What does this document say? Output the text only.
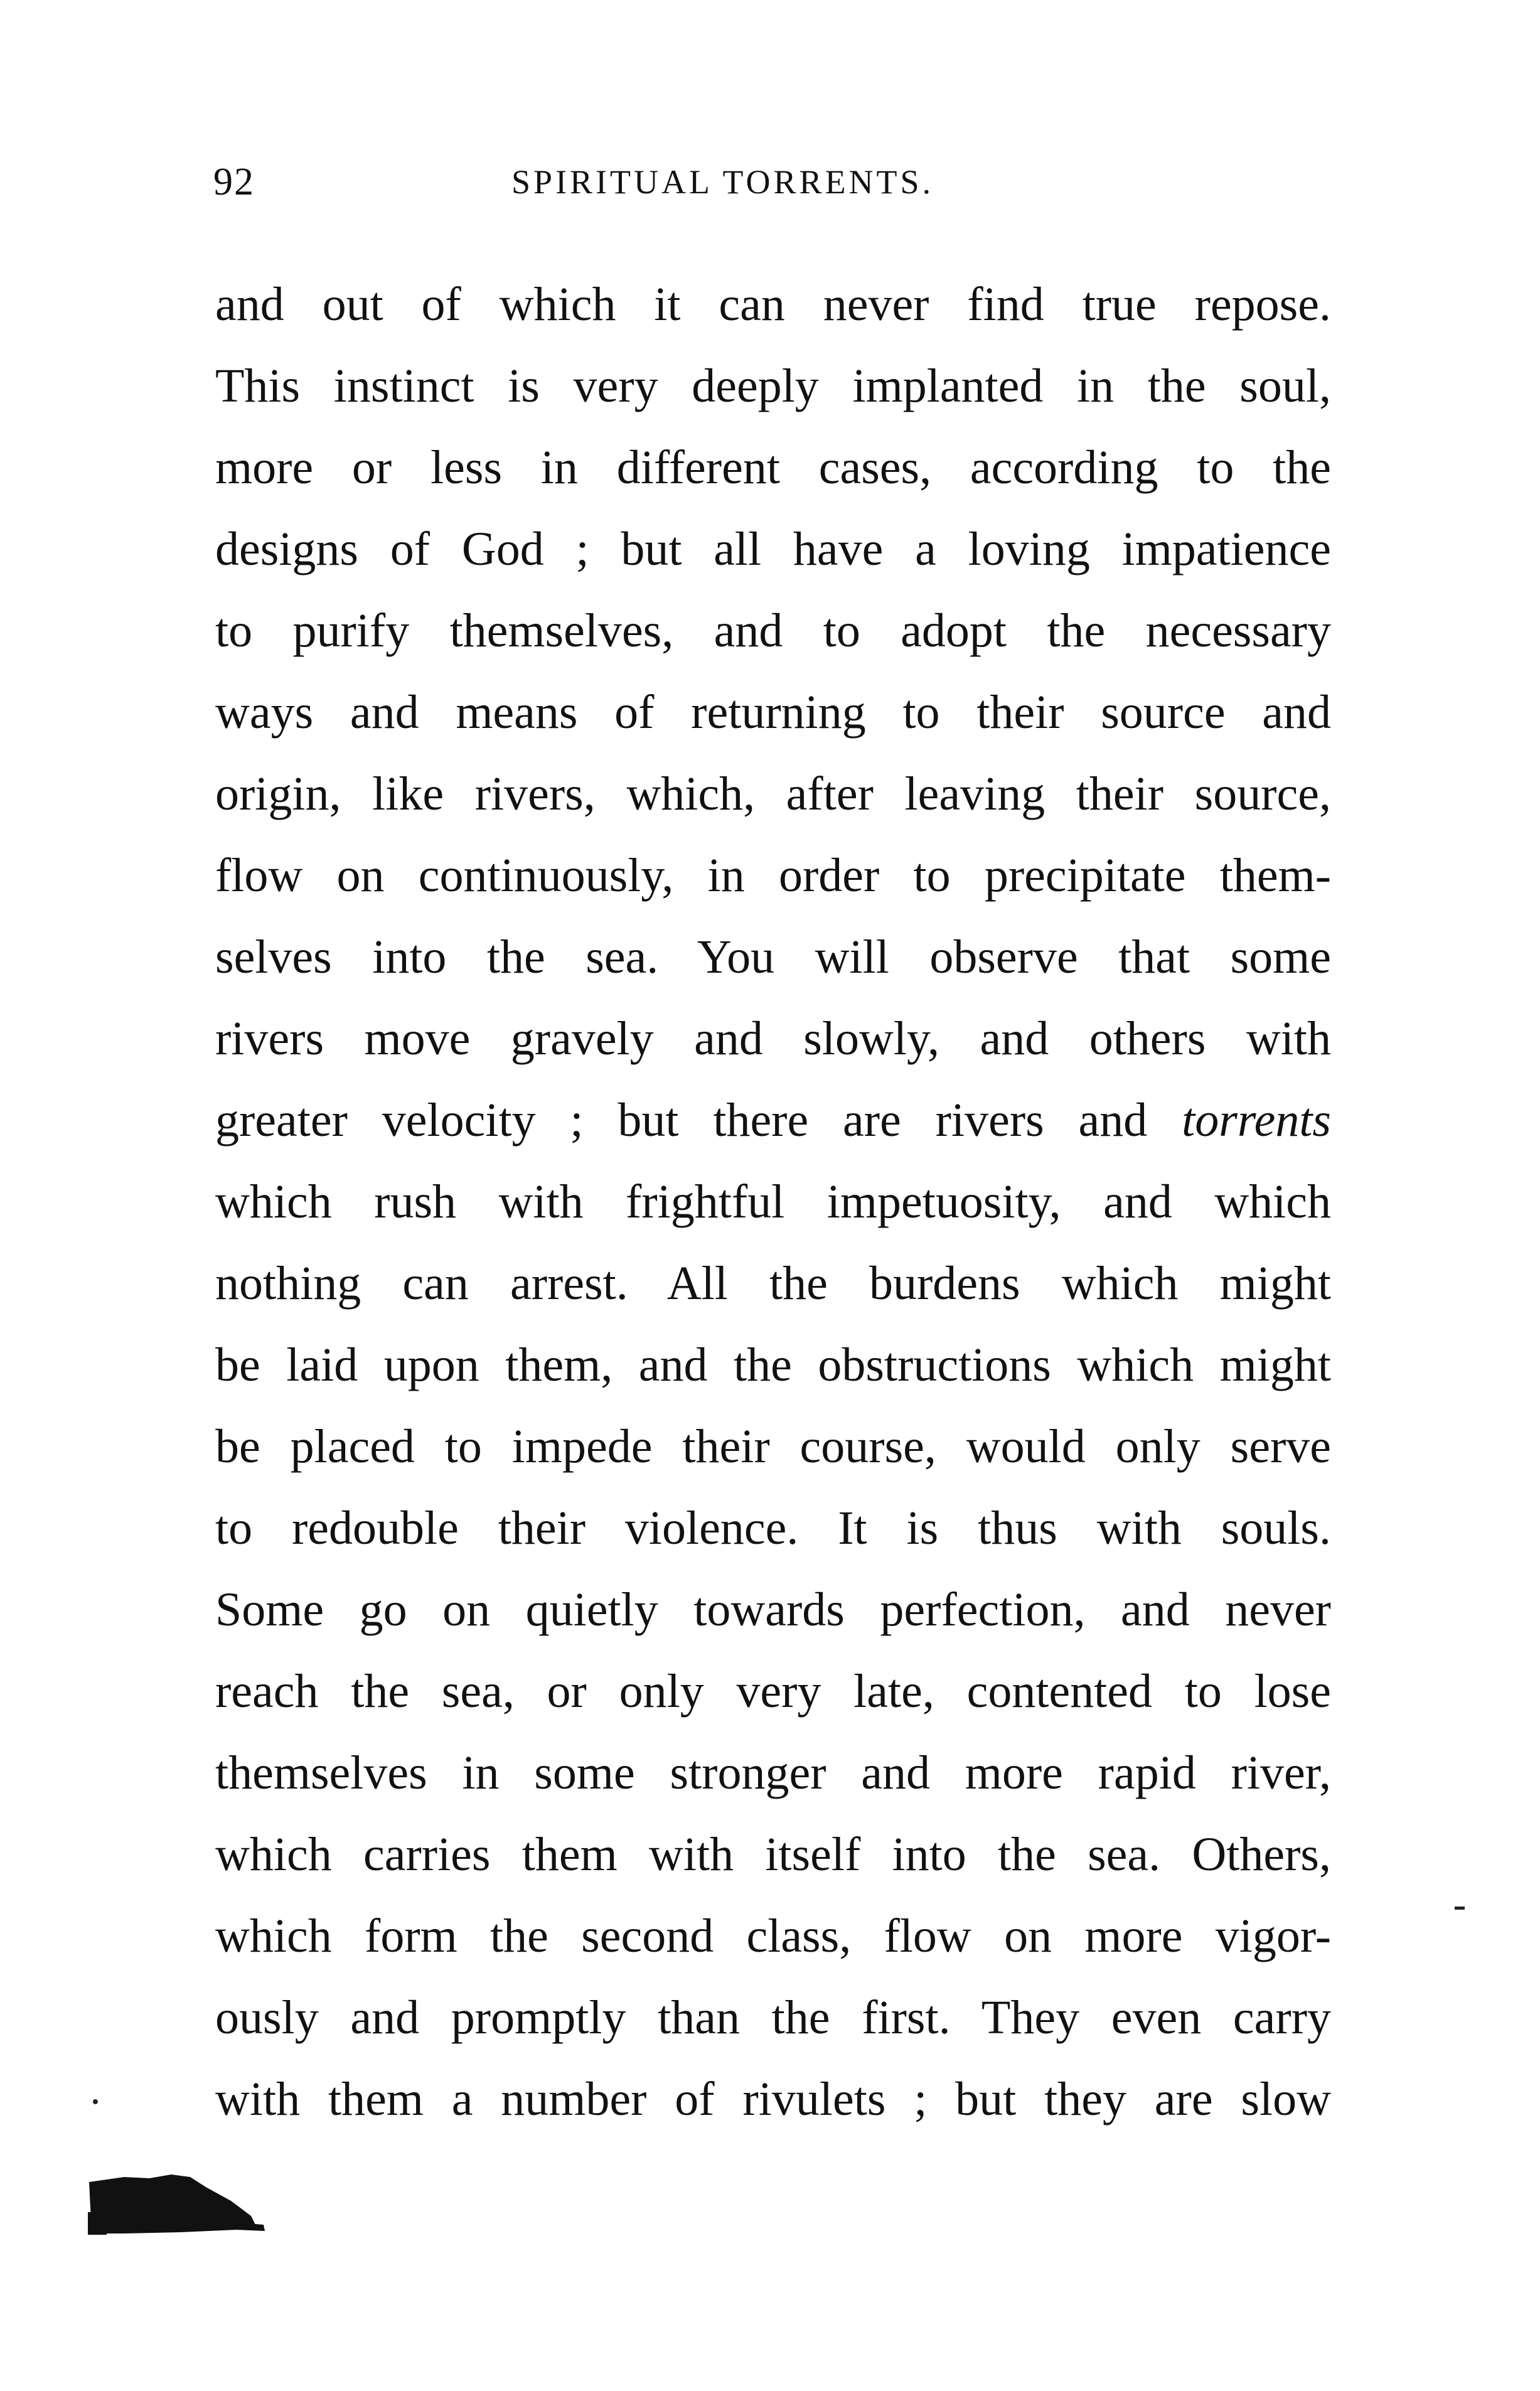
92	SPIRITUAL TORRENTS.
and out of which it can never find true repose.
This instinct is very deeply implanted in the soul,
more or less in different cases, according to the
designs of God ; but all have a loving impatience
to purify themselves, and to adopt the necessary
ways and means of returning to their source and
origin, like rivers, which, after leaving their source,
flow on continuously, in order to precipitate them-
selves into the sea. You will observe that some
rivers move gravely and slowly, and others with
greater velocity ; but there are rivers and torrents
which rush with frightful impetuosity, and which
nothing can arrest. All the burdens which might
be laid upon them, and the obstructions which might
be placed to impede their course, would only serve
to redouble their violence. It is thus with souls.
Some go on quietly towards perfection, and never
reach the sea, or only very late, contented to lose
themselves in some stronger and more rapid river,
which carries them with itself into the sea. Others,
which form the second class, flow on more vigor-
ously and promptly than the first. They even carry
with them a number of rivulets ; but they are slow
